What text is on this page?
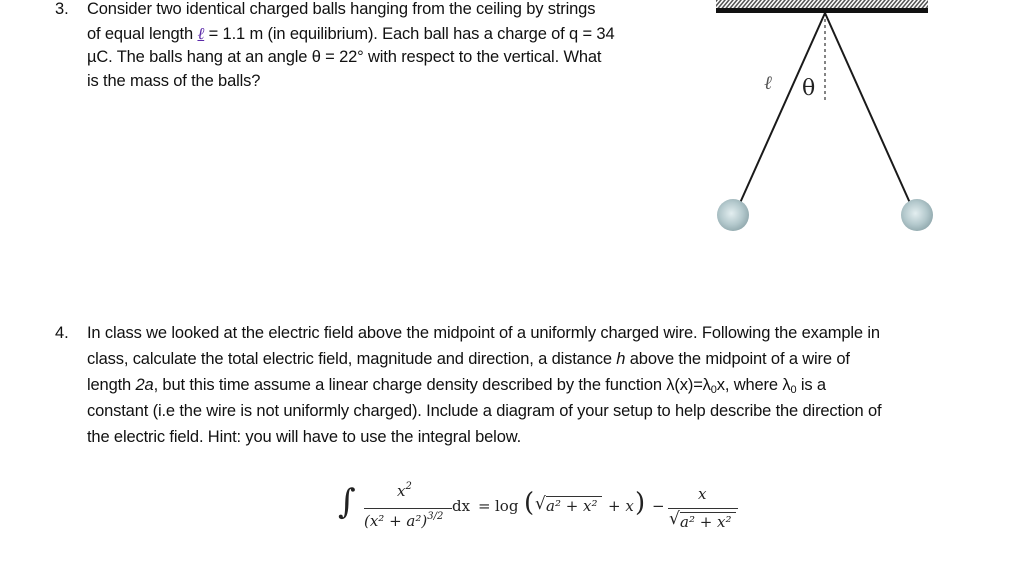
3. Consider two identical charged balls hanging from the ceiling by strings
of equal length ℓ = 1.1 m (in equilibrium). Each ball has a charge of q = 34
µC. The balls hang at an angle θ = 22° with respect to the vertical. What
is the mass of the balls?	ℓ θ
4. In class we looked at the electric field above the midpoint of a uniformly charged wire. Following the example in
class, calculate the total electric field, magnitude and direction, a distance h above the midpoint of a wire of
length 2a, but this time assume a linear charge density described by the function $\lambda(x)=\lambda_0x$, where $\lambda_0$ is a
constant (i.e the wire is not uniformly charged). Include a diagram of your setup to help describe the direction of
the electric field. Hint: you will have to use the integral below.
∫	$x^2$
$(x^2 + a^2)^{3/2}$
dx = log ( √ a² + x² + x ) −
x
√ a² + x²
